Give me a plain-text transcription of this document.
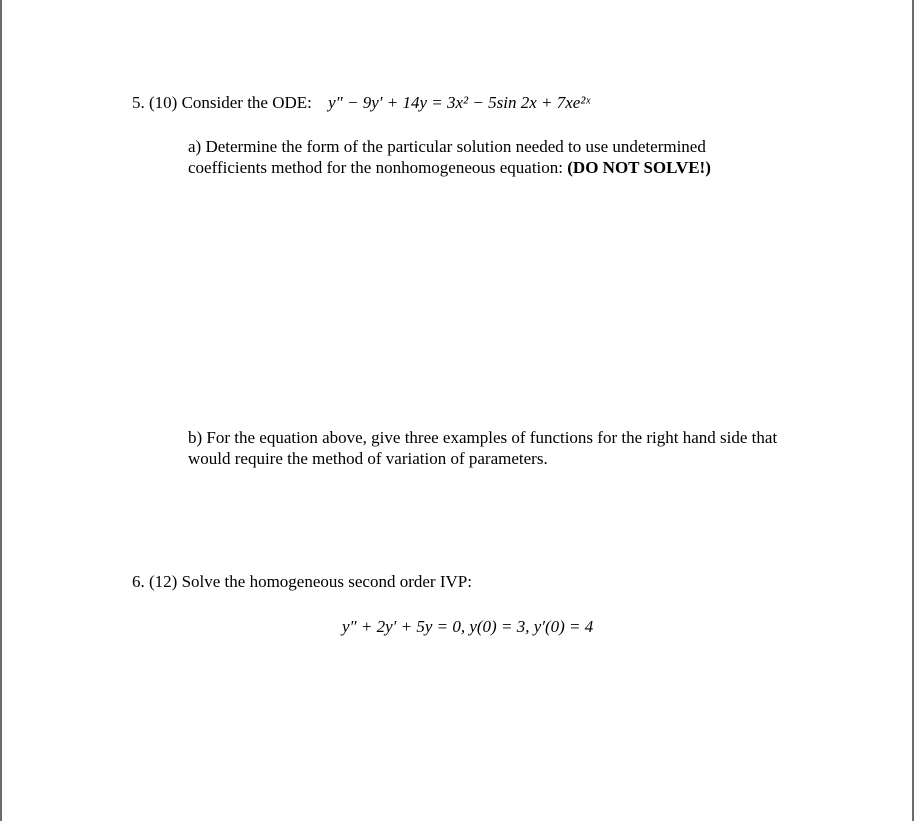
5. (10) Consider the ODE: y″ − 9y′ + 14y = 3x² − 5sin 2x + 7xe²ˣ
a) Determine the form of the particular solution needed to use undetermined
coefficients method for the nonhomogeneous equation: (DO NOT SOLVE!)
b) For the equation above, give three examples of functions for the right hand side that
would require the method of variation of parameters.
6. (12) Solve the homogeneous second order IVP:
y″ + 2y′ + 5y = 0, y(0) = 3, y′(0) = 4
